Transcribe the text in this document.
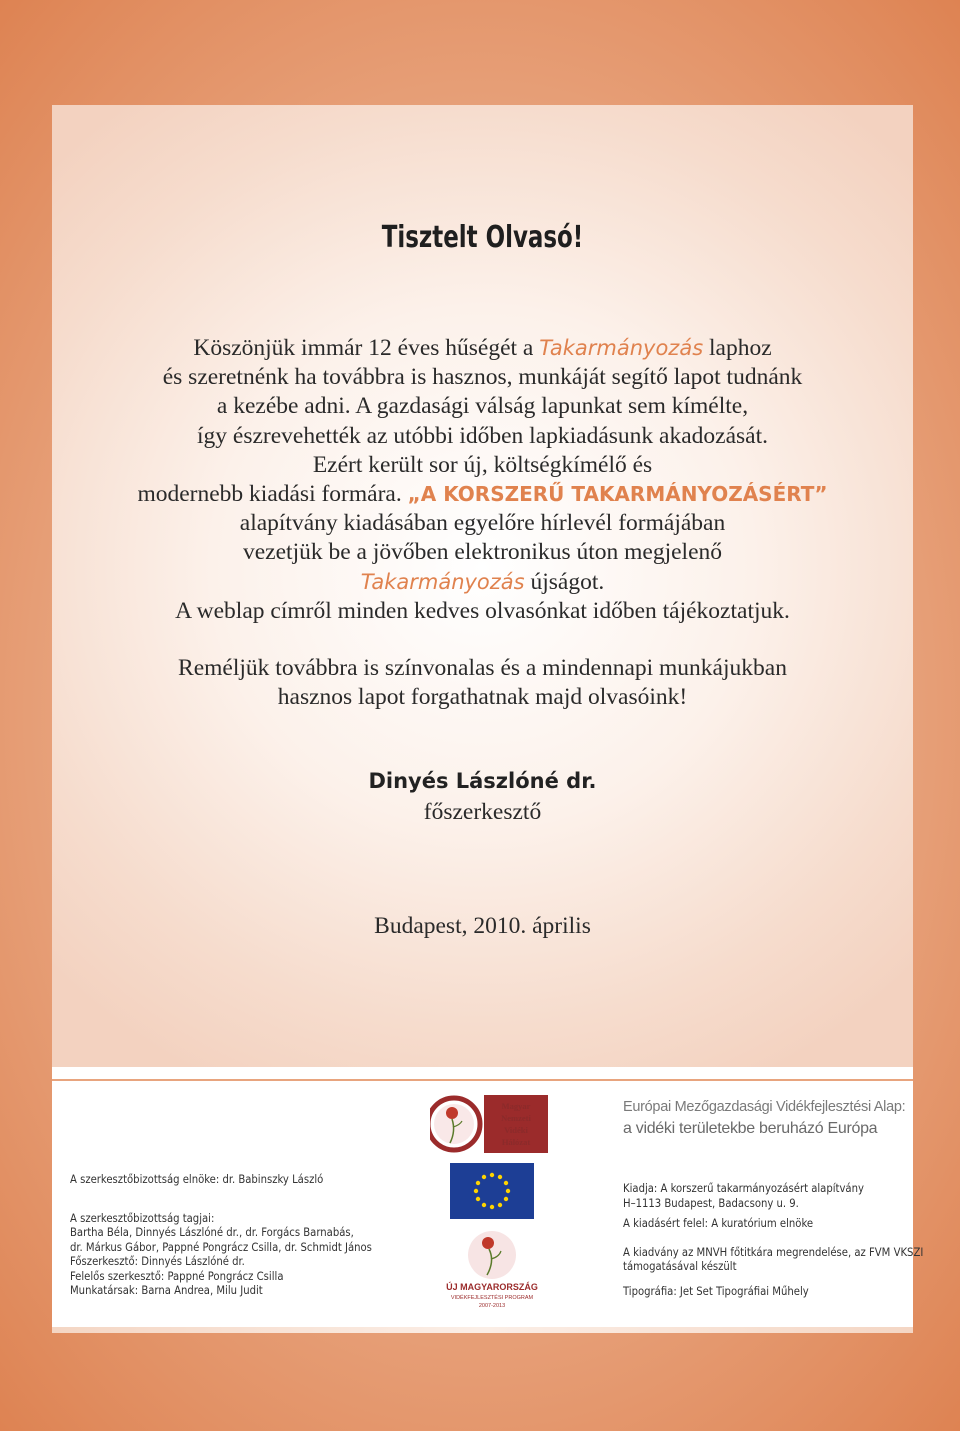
Tisztelt Olvasó!
Köszönjük immár 12 éves hűségét a Takarmányozás laphoz
és szeretnénk ha továbbra is hasznos, munkáját segítő lapot tudnánk
a kezébe adni. A gazdasági válság lapunkat sem kímélte,
így észrevehették az utóbbi időben lapkiadásunk akadozását.
Ezért került sor új, költségkímélő és
modernebb kiadási formára. „A KORSZERŰ TAKARMÁNYOZÁSÉRT”
alapítvány kiadásában egyelőre hírlevél formájában
vezetjük be a jövőben elektronikus úton megjelenő
Takarmányozás újságot.
A weblap címről minden kedves olvasónkat időben tájékoztatjuk.
Reméljük továbbra is színvonalas és a mindennapi munkájukban
hasznos lapot forgathatnak majd olvasóink!
Dinyés Lászlóné dr.
főszerkesztő
Budapest, 2010. április
Magyar
Nemzeti
Vidéki
Hálózat
Európai Mezőgazdasági Vidékfejlesztési Alap:
a vidéki területekbe beruházó Európa
ÚJ MAGYARORSZÁG
VIDÉKFEJLESZTÉSI PROGRAM
2007-2013
A szerkesztőbizottság elnöke: dr. Babinszky László
A szerkesztőbizottság tagjai:
Bartha Béla, Dinnyés Lászlóné dr., dr. Forgács Barnabás,
dr. Márkus Gábor, Pappné Pongrácz Csilla, dr. Schmidt János
Főszerkesztő: Dinnyés Lászlóné dr.
Felelős szerkesztő: Pappné Pongrácz Csilla
Munkatársak: Barna Andrea, Milu Judit
Kiadja: A korszerű takarmányozásért alapítvány
H–1113 Budapest, Badacsony u. 9.
A kiadásért felel: A kuratórium elnöke
A kiadvány az MNVH főtitkára megrendelése, az FVM VKSZI
támogatásával készült
Tipográfia: Jet Set Tipográfiai Műhely
